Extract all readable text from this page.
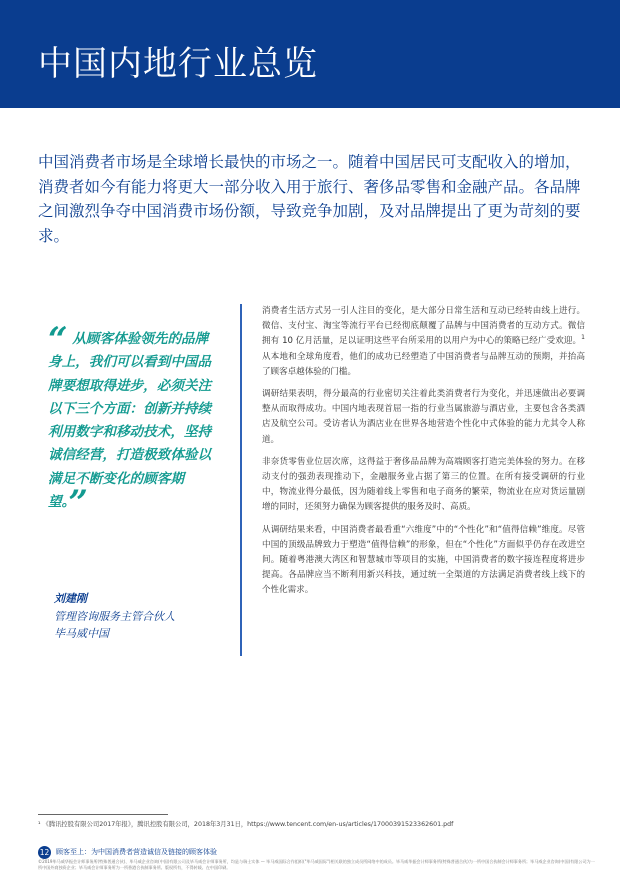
中国内地行业总览
中国消费者市场是全球增长最快的市场之一。随着中国居民可支配收入的增加，消费者如今有能力将更大一部分收入用于旅行、奢侈品零售和金融产品。各品牌之间激烈争夺中国消费市场份额，导致竞争加剧，及对品牌提出了更为苛刻的要求。

“ 从顾客体验领先的品牌身上，我们可以看到中国品牌要想取得进步，必须关注以下三个方面：创新并持续利用数字和移动技术，坚持诚信经营，打造极致体验以满足不断变化的顾客期望。”

刘建刚
管理咨询服务主管合伙人
毕马威中国

消费者生活方式另一引人注目的变化，是大部分日常生活和互动已经转由线上进行。微信、支付宝、淘宝等流行平台已经彻底颠覆了品牌与中国消费者的互动方式。微信拥有 10 亿月活量，足以证明这些平台所采用的以用户为中心的策略已经广受欢迎。$^1$从本地和全球角度看，他们的成功已经塑造了中国消费者与品牌互动的预期，并抬高了顾客卓越体验的门槛。

调研结果表明，得分最高的行业密切关注着此类消费者行为变化，并迅速做出必要调整从而取得成功。中国内地表现首屈一指的行业当属旅游与酒店业，主要包含各类酒店及航空公司。受访者认为酒店业在世界各地营造个性化中式体验的能力尤其令人称道。

非奈货零售业位居次席，这得益于奢侈品品牌为高端顾客打造完美体验的努力。在移动支付的强劲表现推动下，金融服务业占据了第三的位置。在所有接受调研的行业中，物流业得分最低，因为随着线上零售和电子商务的繁荣，物流业在应对货运量剧增的同时，还须努力确保为顾客提供的服务及时、高质。

从调研结果来看，中国消费者最看重“六维度”中的“个性化”和“值得信赖”维度。尽管中国的顶级品牌致力于塑造“值得信赖”的形象，但在“个性化”方面似乎仍存在改进空间。随着粤港澳大湾区和智慧城市等项目的实施，中国消费者的数字接连程度将进步提高。各品牌应当不断利用新兴科技，通过统一全渠道的方法满足消费者线上线下的个性化需求。

¹ 《腾讯控股有限公司2017年报》，腾讯控股有限公司，2018年3月31日，https://www.tencent.com/en-us/articles/17000391523362601.pdf
12 顾客至上：为中国消费者营造诚信及链接的顾客体验
©2019毕马威华振会计师事务所(特殊普通合伙)、毕马威企业咨询(中国)有限公司及毕马威会计师事务所，均是与瑞士实体 — 毕马威国际合作组织("毕马威国际")相关联的独立成员所网络中的成员。毕马威华振会计师事务所(特殊普通合伙)为一所中国合伙制会计师事务所；毕马威企业咨询(中国)有限公司为一所中国外商独资企业；毕马威会计师事务所为一所香港合伙制事务所。版权所有，不得转载。在中国印刷。
